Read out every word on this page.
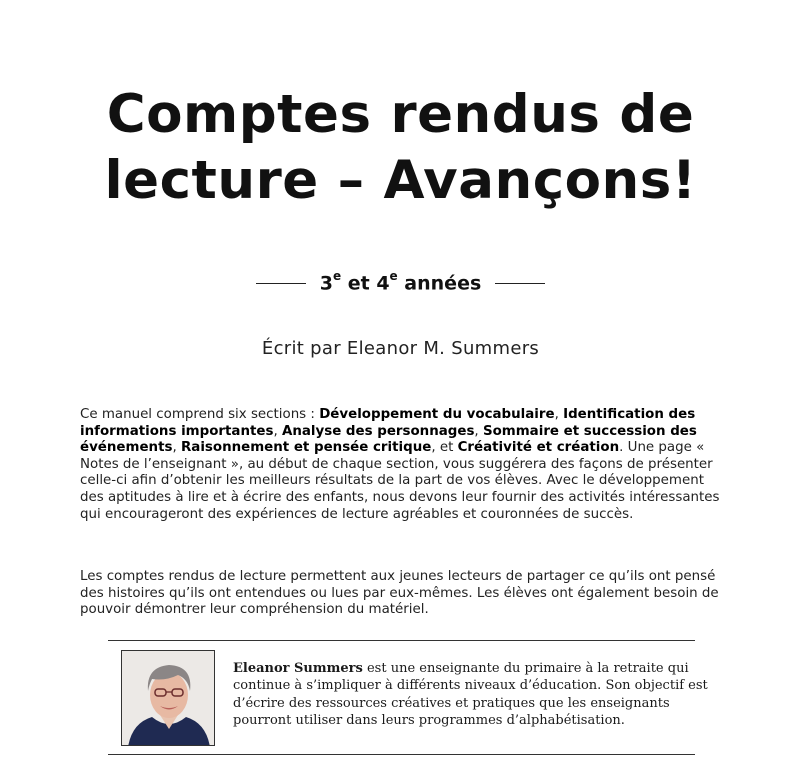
Comptes rendus de
lecture – Avançons!
3e et 4e années
Écrit par Eleanor M. Summers

Ce manuel comprend six sections : Développement du vocabulaire, Identification des informations importantes, Analyse des personnages, Sommaire et succession des événements, Raisonnement et pensée critique, et Créativité et création. Une page « Notes de l’enseignant », au début de chaque section, vous suggérera des façons de présenter celle-ci afin d’obtenir les meilleurs résultats de la part de vos élèves. Avec le développement des aptitudes à lire et à écrire des enfants, nous devons leur fournir des activités intéressantes qui encourageront des expériences de lecture agréables et couronnées de succès.

Les comptes rendus de lecture permettent aux jeunes lecteurs de partager ce qu’ils ont pensé des histoires qu’ils ont entendues ou lues par eux-mêmes. Les élèves ont également besoin de pouvoir démontrer leur compréhension du matériel.

Eleanor Summers est une enseignante du primaire à la retraite qui continue à s’impliquer à différents niveaux d’éducation. Son objectif est d’écrire des ressources créatives et pratiques que les enseignants pourront utiliser dans leurs programmes d’alphabétisation.
